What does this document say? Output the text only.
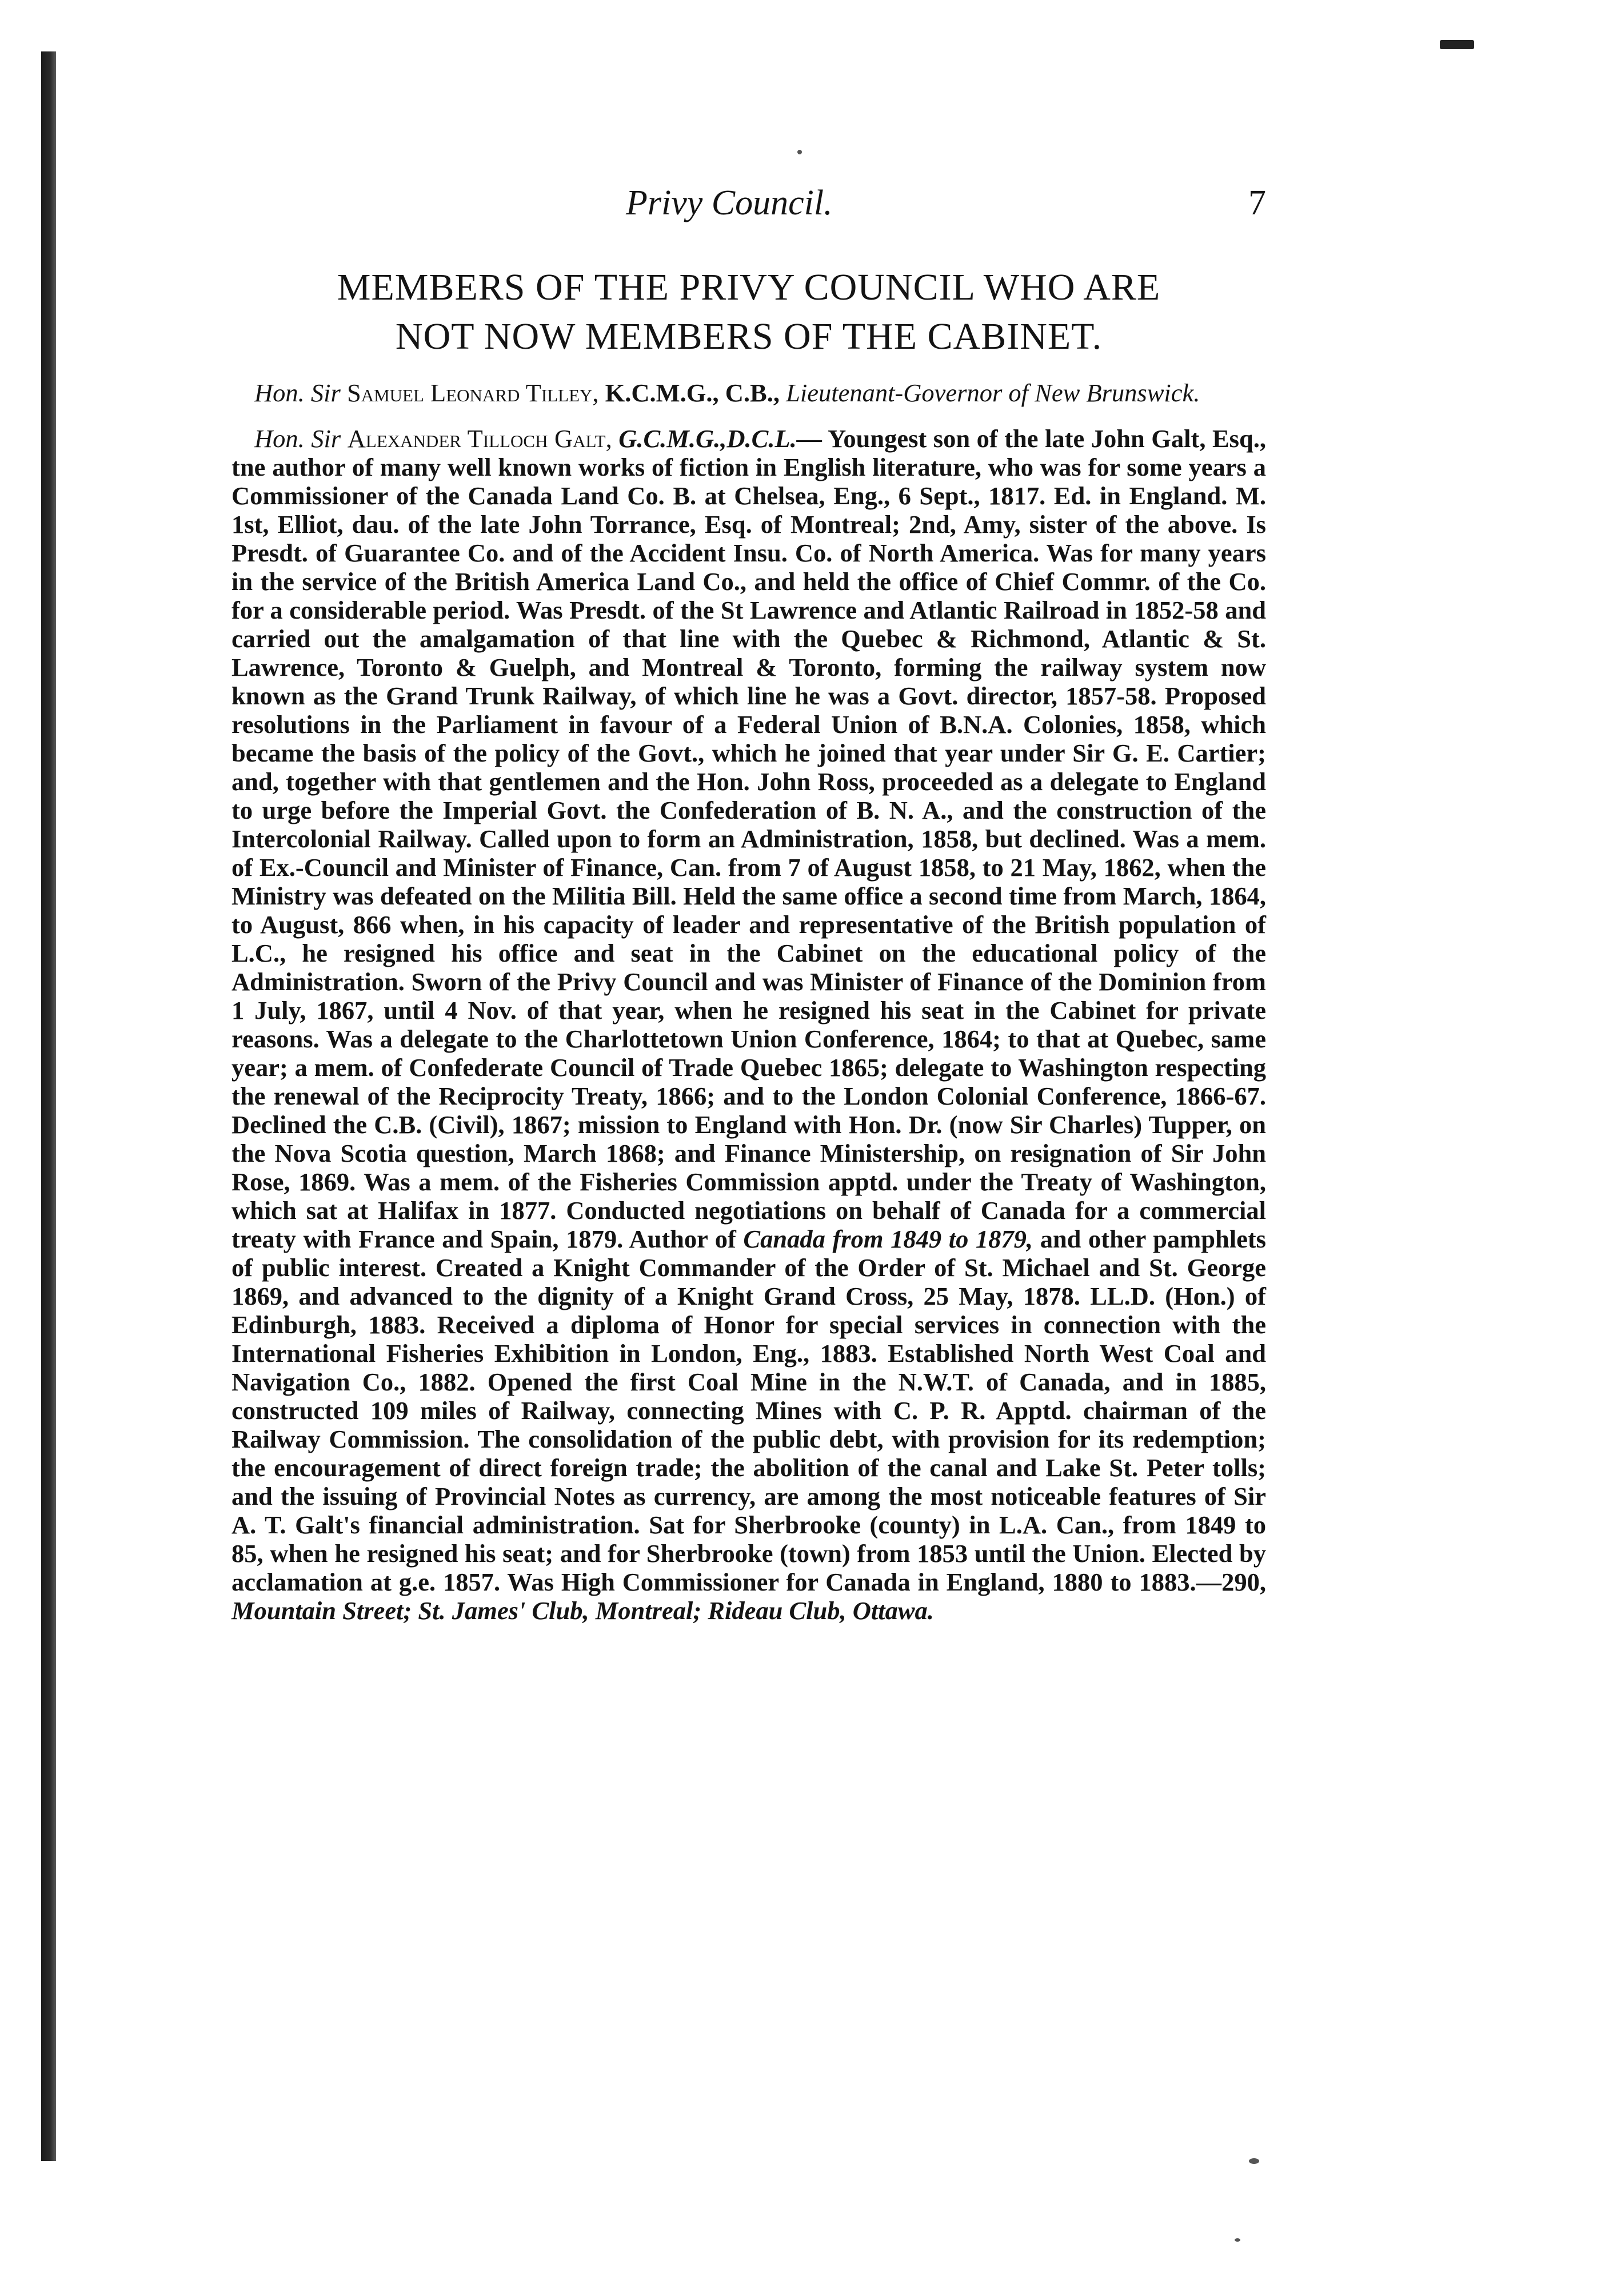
Privy Council.	7
MEMBERS OF THE PRIVY COUNCIL WHO ARE
NOT NOW MEMBERS OF THE CABINET.

Hon. Sir Samuel Leonard Tilley, K.C.M.G., C.B., Lieutenant-Governor of New Brunswick.

Hon. Sir Alexander Tilloch Galt, G.C.M.G.,D.C.L.— Youngest son of the late John Galt, Esq., tne author of many well known works of fiction in English literature, who was for some years a Commissioner of the Canada Land Co. B. at Chelsea, Eng., 6 Sept., 1817. Ed. in England. M. 1st, Elliot, dau. of the late John Torrance, Esq. of Montreal; 2nd, Amy, sister of the above. Is Presdt. of Guarantee Co. and of the Accident Insu. Co. of North America. Was for many years in the service of the British America Land Co., and held the office of Chief Commr. of the Co. for a considerable period. Was Presdt. of the St Lawrence and Atlantic Railroad in 1852-58 and carried out the amalgamation of that line with the Quebec & Richmond, Atlantic & St. Lawrence, Toronto & Guelph, and Montreal & Toronto, forming the railway system now known as the Grand Trunk Railway, of which line he was a Govt. director, 1857-58. Proposed resolutions in the Parliament in favour of a Federal Union of B.N.A. Colonies, 1858, which became the basis of the policy of the Govt., which he joined that year under Sir G. E. Cartier; and, together with that gentlemen and the Hon. John Ross, proceeded as a delegate to England to urge before the Imperial Govt. the Confederation of B. N. A., and the construction of the Intercolonial Railway. Called upon to form an Administration, 1858, but declined. Was a mem. of Ex.-Council and Minister of Finance, Can. from 7 of August 1858, to 21 May, 1862, when the Ministry was defeated on the Militia Bill. Held the same office a second time from March, 1864, to August, 866 when, in his capacity of leader and representative of the British population of L.C., he resigned his office and seat in the Cabinet on the educational policy of the Administration. Sworn of the Privy Council and was Minister of Finance of the Dominion from 1 July, 1867, until 4 Nov. of that year, when he resigned his seat in the Cabinet for private reasons. Was a delegate to the Charlottetown Union Conference, 1864; to that at Quebec, same year; a mem. of Confederate Council of Trade Quebec 1865; delegate to Washington respecting the renewal of the Reciprocity Treaty, 1866; and to the London Colonial Conference, 1866-67. Declined the C.B. (Civil), 1867; mission to England with Hon. Dr. (now Sir Charles) Tupper, on the Nova Scotia question, March 1868; and Finance Ministership, on resignation of Sir John Rose, 1869. Was a mem. of the Fisheries Commission apptd. under the Treaty of Washington, which sat at Halifax in 1877. Conducted negotiations on behalf of Canada for a commercial treaty with France and Spain, 1879. Author of Canada from 1849 to 1879, and other pamphlets of public interest. Created a Knight Commander of the Order of St. Michael and St. George 1869, and advanced to the dignity of a Knight Grand Cross, 25 May, 1878. LL.D. (Hon.) of Edinburgh, 1883. Received a diploma of Honor for special services in connection with the International Fisheries Exhibition in London, Eng., 1883. Established North West Coal and Navigation Co., 1882. Opened the first Coal Mine in the N.W.T. of Canada, and in 1885, constructed 109 miles of Railway, connecting Mines with C. P. R. Apptd. chairman of the Railway Commission. The consolidation of the public debt, with provision for its redemption; the encouragement of direct foreign trade; the abolition of the canal and Lake St. Peter tolls; and the issuing of Provincial Notes as currency, are among the most noticeable features of Sir A. T. Galt's financial administration. Sat for Sherbrooke (county) in L.A. Can., from 1849 to 85, when he resigned his seat; and for Sherbrooke (town) from 1853 until the Union. Elected by acclamation at g.e. 1857. Was High Commissioner for Canada in England, 1880 to 1883.—290, Mountain Street; St. James' Club, Montreal; Rideau Club, Ottawa.
